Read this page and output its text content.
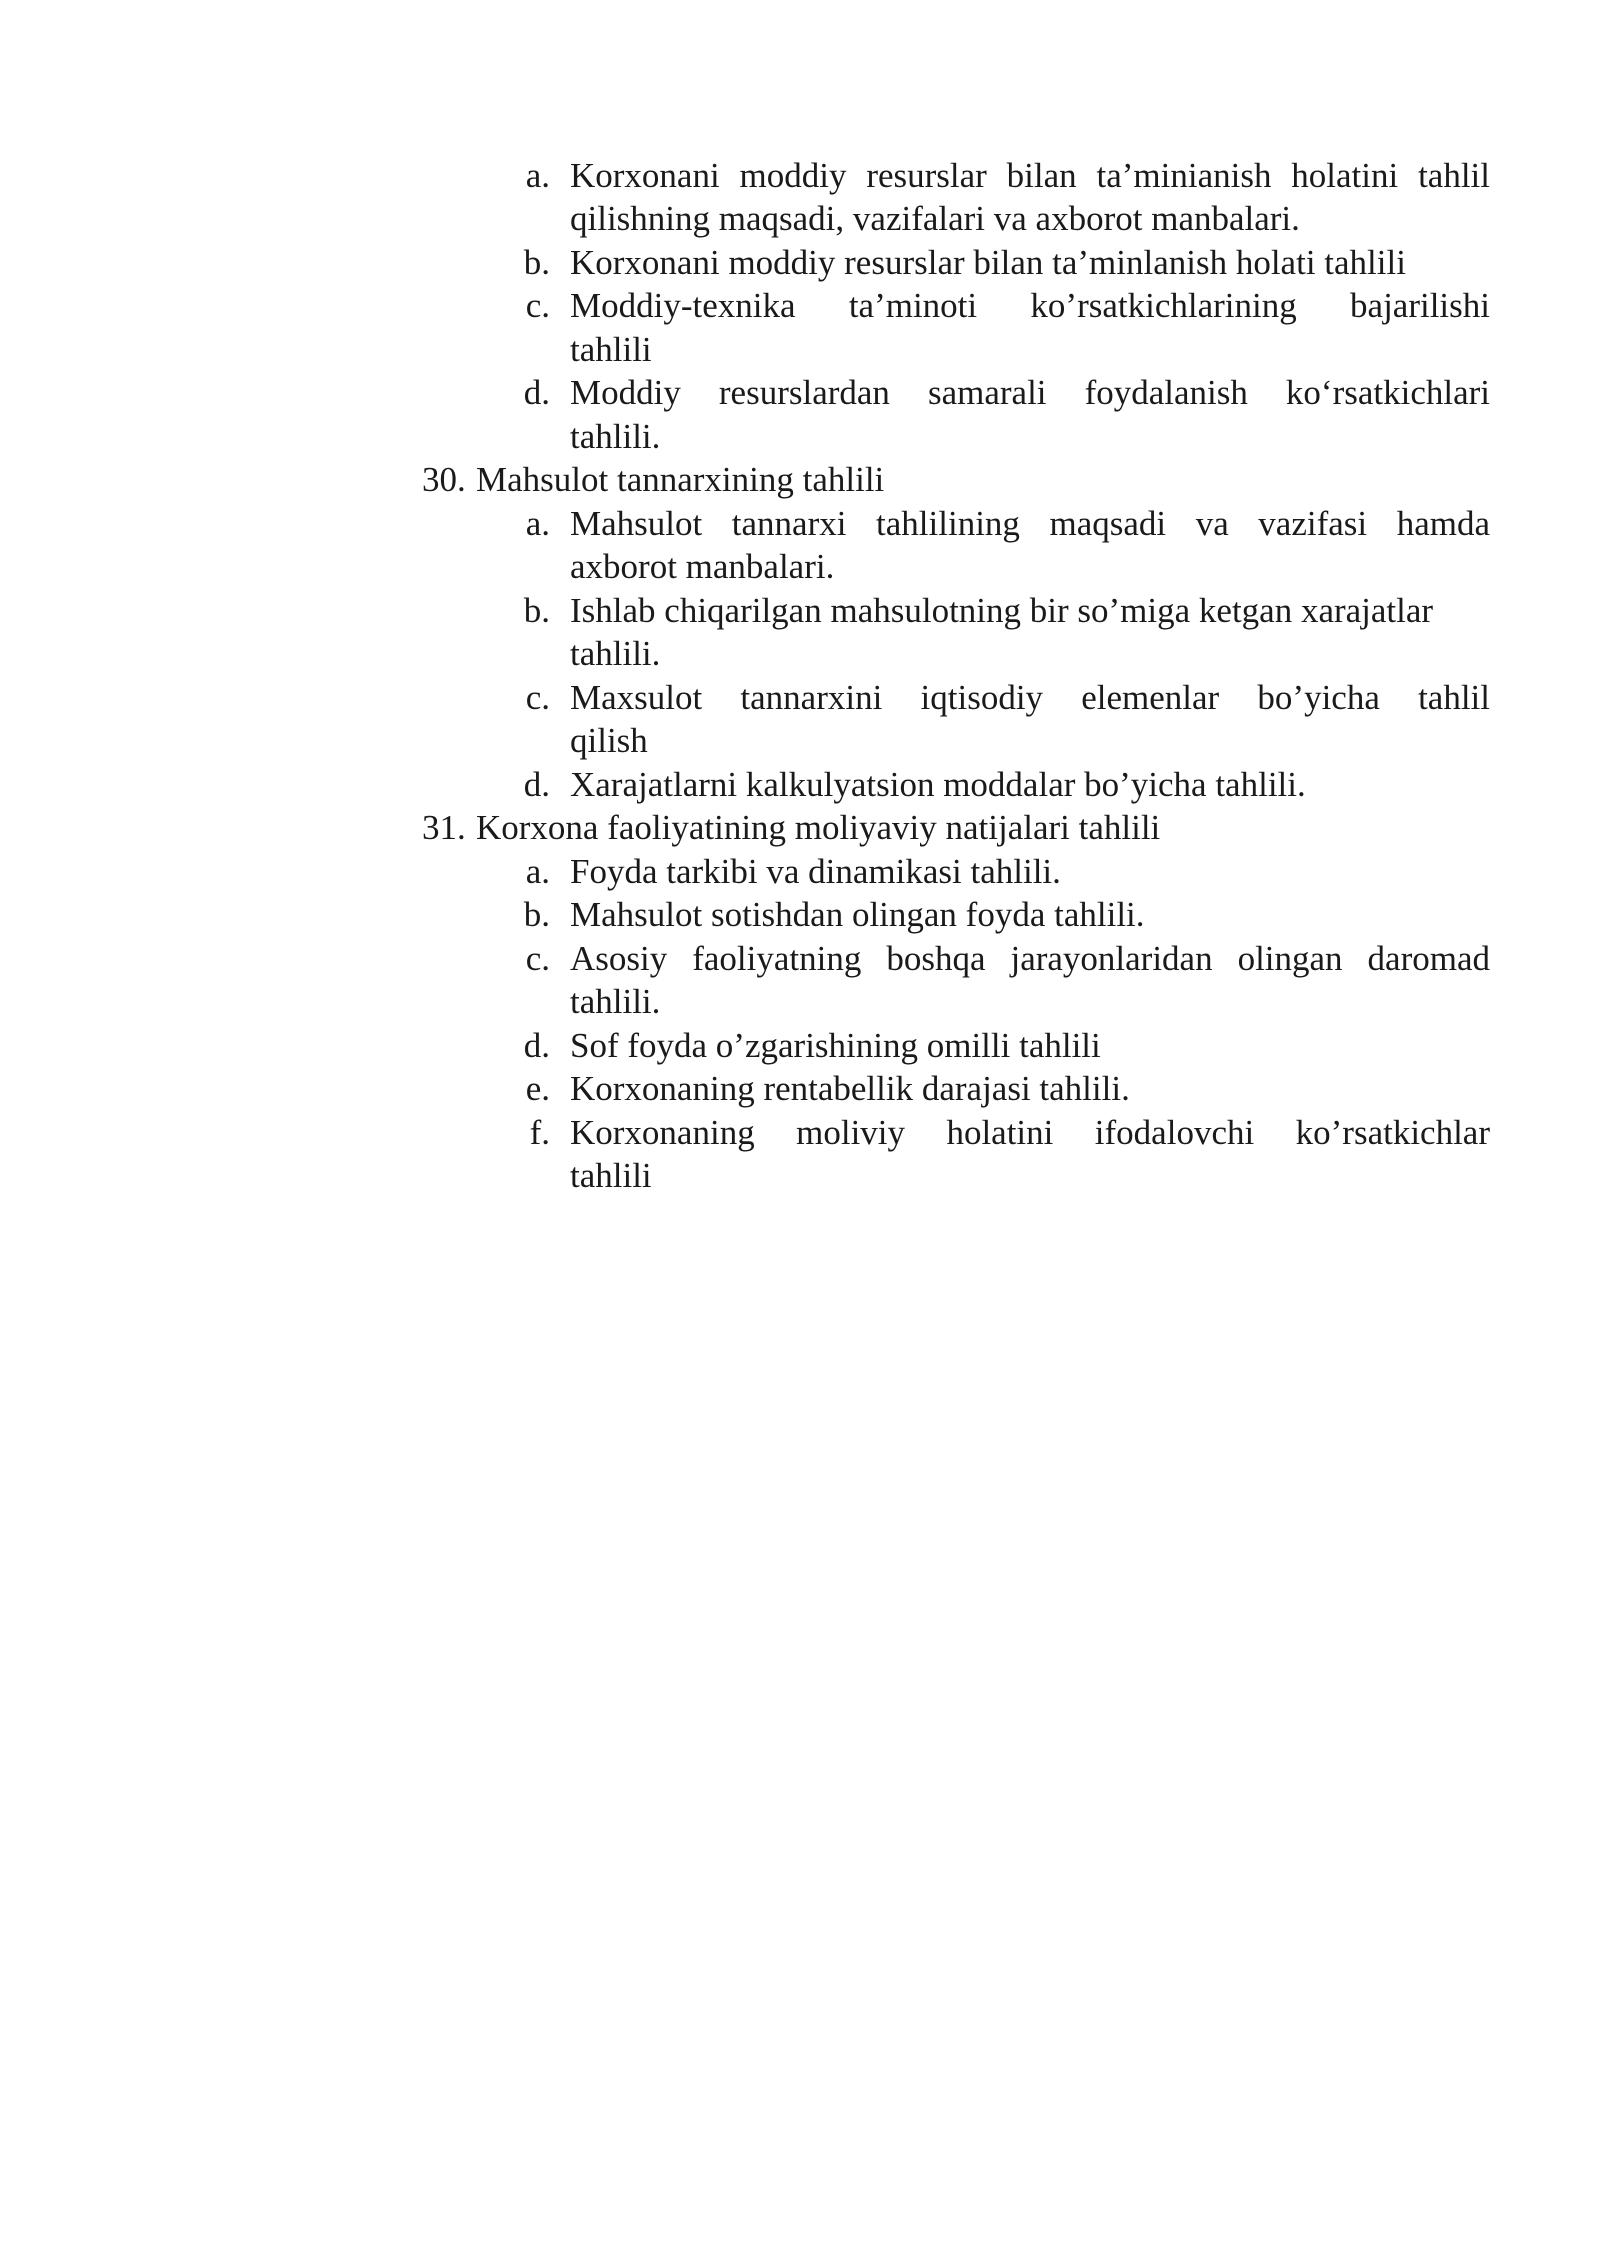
a. Korxonani moddiy resurslar bilan ta’minianish holatini tahlil
qilishning maqsadi, vazifalari va axborot manbalari.
b. Korxonani moddiy resurslar bilan ta’minlanish holati tahlili
c. Moddiy-texnika ta’minoti ko’rsatkichlarining bajarilishi
tahlili
d. Moddiy resurslardan samarali foydalanish ko‘rsatkichlari
tahlili.
30. Mahsulot tannarxining tahlili
a. Mahsulot tannarxi tahlilining maqsadi va vazifasi hamda
axborot manbalari.
b. Ishlab chiqarilgan mahsulotning bir so’miga ketgan xarajatlar
tahlili.
c. Maxsulot tannarxini iqtisodiy elemenlar bo’yicha tahlil
qilish
d. Xarajatlarni kalkulyatsion moddalar bo’yicha tahlili.
31. Korxona faoliyatining moliyaviy natijalari tahlili
a. Foyda tarkibi va dinamikasi tahlili.
b. Mahsulot sotishdan olingan foyda tahlili.
c. Asosiy faoliyatning boshqa jarayonlaridan olingan daromad
tahlili.
d. Sof foyda o’zgarishining omilli tahlili
e. Korxonaning rentabellik darajasi tahlili.
f. Korxonaning moliviy holatini ifodalovchi ko’rsatkichlar
tahlili
